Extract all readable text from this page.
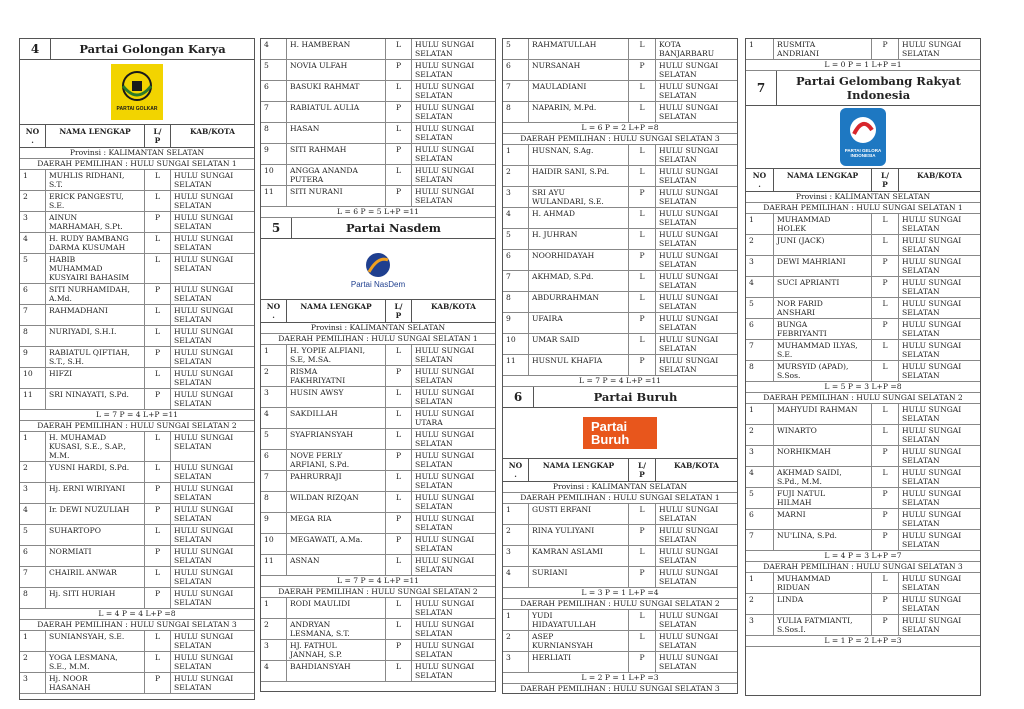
4	Partai Golongan Karya
PARTAI GOLKAR
NO
.
NAMA LENGKAP	L/
P
KAB/KOTA
Provinsi : KALIMANTAN SELATAN
DAERAH PEMILIHAN : HULU SUNGAI SELATAN 1
1	MUHLIS RIDHANI,
S.T.
L	HULU SUNGAI
SELATAN
2	ERICK PANGESTU,
S.E.
L	HULU SUNGAI
SELATAN
3	AINUN
MARHAMAH, S.Pt.
P	HULU SUNGAI
SELATAN
4	H. RUDY BAMBANG
DARMA KUSUMAH
L	HULU SUNGAI
SELATAN
5	HABIB
MUHAMMAD
KUSYAIRI BAHASIM
L	HULU SUNGAI
SELATAN
6	SITI NURHAMIDAH,
A.Md.
P	HULU SUNGAI
SELATAN
7	RAHMADHANI	L	HULU SUNGAI
SELATAN
8	NURIYADI, S.H.I.	L	HULU SUNGAI
SELATAN
9	RABIATUL QIFTIAH,
S.T., S.H.
P	HULU SUNGAI
SELATAN
10	HIFZI	L	HULU SUNGAI
SELATAN
11	SRI NINAYATI, S.Pd.	P	HULU SUNGAI
SELATAN
L = 7 P = 4 L+P =11
DAERAH PEMILIHAN : HULU SUNGAI SELATAN 2
1	H. MUHAMAD
KUSASI, S.E., S.AP.,
M.M.
L	HULU SUNGAI
SELATAN
2	YUSNI HARDI, S.Pd.	L	HULU SUNGAI
SELATAN
3	Hj. ERNI WIRIYANI	P	HULU SUNGAI
SELATAN
4	Ir. DEWI NUZULIAH	P	HULU SUNGAI
SELATAN
5	SUHARTOPO	L	HULU SUNGAI
SELATAN
6	NORMIATI	P	HULU SUNGAI
SELATAN
7	CHAIRIL ANWAR	L	HULU SUNGAI
SELATAN
8	Hj. SITI HURIAH	P	HULU SUNGAI
SELATAN
L = 4 P = 4 L+P =8
DAERAH PEMILIHAN : HULU SUNGAI SELATAN 3
1	SUNIANSYAH, S.E.	L	HULU SUNGAI
SELATAN
2	YOGA LESMANA,
S.E., M.M.
L	HULU SUNGAI
SELATAN
3	Hj. NOOR
HASANAH
P	HULU SUNGAI
SELATAN
4	H. HAMBERAN	L	HULU SUNGAI
SELATAN
5	NOVIA ULFAH	P	HULU SUNGAI
SELATAN
6	BASUKI RAHMAT	L	HULU SUNGAI
SELATAN
7	RABIATUL AULIA	P	HULU SUNGAI
SELATAN
8	HASAN	L	HULU SUNGAI
SELATAN
9	SITI RAHMAH	P	HULU SUNGAI
SELATAN
10	ANGGA ANANDA
PUTERA
L	HULU SUNGAI
SELATAN
11	SITI NURANI	P	HULU SUNGAI
SELATAN
L = 6 P = 5 L+P =11
5	Partai Nasdem
Partai NasDem
NO
.
NAMA LENGKAP	L/
P
KAB/KOTA
Provinsi : KALIMANTAN SELATAN
DAERAH PEMILIHAN : HULU SUNGAI SELATAN 1
1	H. YOPIE ALFIANI,
S.E, M.SA.
L	HULU SUNGAI
SELATAN
2	RISMA
FAKHRIYATNI
P	HULU SUNGAI
SELATAN
3	HUSIN AWSY	L	HULU SUNGAI
SELATAN
4	SAKDILLAH	L	HULU SUNGAI
UTARA
5	SYAFRIANSYAH	L	HULU SUNGAI
SELATAN
6	NOVE FERLY
ARFIANI, S.Pd.
P	HULU SUNGAI
SELATAN
7	PAHRURRAJI	L	HULU SUNGAI
SELATAN
8	WILDAN RIZQAN	L	HULU SUNGAI
SELATAN
9	MEGA RIA	P	HULU SUNGAI
SELATAN
10	MEGAWATI, A.Ma.	P	HULU SUNGAI
SELATAN
11	ASNAN	L	HULU SUNGAI
SELATAN
L = 7 P = 4 L+P =11
DAERAH PEMILIHAN : HULU SUNGAI SELATAN 2
1	RODI MAULIDI	L	HULU SUNGAI
SELATAN
2	ANDRYAN
LESMANA, S.T.
L	HULU SUNGAI
SELATAN
3	HJ. FATHUL
JANNAH, S.P.
P	HULU SUNGAI
SELATAN
4	BAHDIANSYAH	L	HULU SUNGAI
SELATAN
5	RAHMATULLAH	L	KOTA
BANJARBARU
6	NURSANAH	P	HULU SUNGAI
SELATAN
7	MAULADIANI	L	HULU SUNGAI
SELATAN
8	NAPARIN, M.Pd.	L	HULU SUNGAI
SELATAN
L = 6 P = 2 L+P =8
DAERAH PEMILIHAN : HULU SUNGAI SELATAN 3
1	HUSNAN, S.Ag.	L	HULU SUNGAI
SELATAN
2	HAIDIR SANI, S.Pd.	L	HULU SUNGAI
SELATAN
3	SRI AYU
WULANDARI, S.E.
P	HULU SUNGAI
SELATAN
4	H. AHMAD	L	HULU SUNGAI
SELATAN
5	H. JUHRAN	L	HULU SUNGAI
SELATAN
6	NOORHIDAYAH	P	HULU SUNGAI
SELATAN
7	AKHMAD, S.Pd.	L	HULU SUNGAI
SELATAN
8	ABDURRAHMAN	L	HULU SUNGAI
SELATAN
9	UFAIRA	P	HULU SUNGAI
SELATAN
10	UMAR SAID	L	HULU SUNGAI
SELATAN
11	HUSNUL KHAFIA	P	HULU SUNGAI
SELATAN
L = 7 P = 4 L+P =11
6	Partai Buruh
Partai Buruh
NO
.
NAMA LENGKAP	L/
P
KAB/KOTA
Provinsi : KALIMANTAN SELATAN
DAERAH PEMILIHAN : HULU SUNGAI SELATAN 1
1	GUSTI ERFANI	L	HULU SUNGAI
SELATAN
2	RINA YULIYANI	P	HULU SUNGAI
SELATAN
3	KAMRAN ASLAMI	L	HULU SUNGAI
SELATAN
4	SURIANI	P	HULU SUNGAI
SELATAN
L = 3 P = 1 L+P =4
DAERAH PEMILIHAN : HULU SUNGAI SELATAN 2
1	YUDI
HIDAYATULLAH
L	HULU SUNGAI
SELATAN
2	ASEP
KURNIANSYAH
L	HULU SUNGAI
SELATAN
3	HERLIATI	P	HULU SUNGAI
SELATAN
L = 2 P = 1 L+P =3
DAERAH PEMILIHAN : HULU SUNGAI SELATAN 3
1	RUSMITA
ANDRIANI
P	HULU SUNGAI
SELATAN
L = 0 P = 1 L+P =1
7	Partai Gelombang Rakyat
Indonesia
PARTAI GELORA INDONESIA
NO
.
NAMA LENGKAP	L/
P
KAB/KOTA
Provinsi : KALIMANTAN SELATAN
DAERAH PEMILIHAN : HULU SUNGAI SELATAN 1
1	MUHAMMAD
HOLEK
L	HULU SUNGAI
SELATAN
2	JUNI (JACK)	L	HULU SUNGAI
SELATAN
3	DEWI MAHRIANI	P	HULU SUNGAI
SELATAN
4	SUCI APRIANTI	P	HULU SUNGAI
SELATAN
5	NOR FARID
ANSHARI
L	HULU SUNGAI
SELATAN
6	BUNGA
FEBRIYANTI
P	HULU SUNGAI
SELATAN
7	MUHAMMAD ILYAS,
S.E.
L	HULU SUNGAI
SELATAN
8	MURSYID (APAD),
S.Sos.
L	HULU SUNGAI
SELATAN
L = 5 P = 3 L+P =8
DAERAH PEMILIHAN : HULU SUNGAI SELATAN 2
1	MAHYUDI RAHMAN	L	HULU SUNGAI
SELATAN
2	WINARTO	L	HULU SUNGAI
SELATAN
3	NORHIKMAH	P	HULU SUNGAI
SELATAN
4	AKHMAD SAIDI,
S.Pd., M.M.
L	HULU SUNGAI
SELATAN
5	FUJI NATUL
HILMAH
P	HULU SUNGAI
SELATAN
6	MARNI	P	HULU SUNGAI
SELATAN
7	NU'LINA, S.Pd.	P	HULU SUNGAI
SELATAN
L = 4 P = 3 L+P =7
DAERAH PEMILIHAN : HULU SUNGAI SELATAN 3
1	MUHAMMAD
RIDUAN
L	HULU SUNGAI
SELATAN
2	LINDA	P	HULU SUNGAI
SELATAN
3	YULIA FATMIANTI,
S.Sos.I.
P	HULU SUNGAI
SELATAN
L = 1 P = 2 L+P =3
